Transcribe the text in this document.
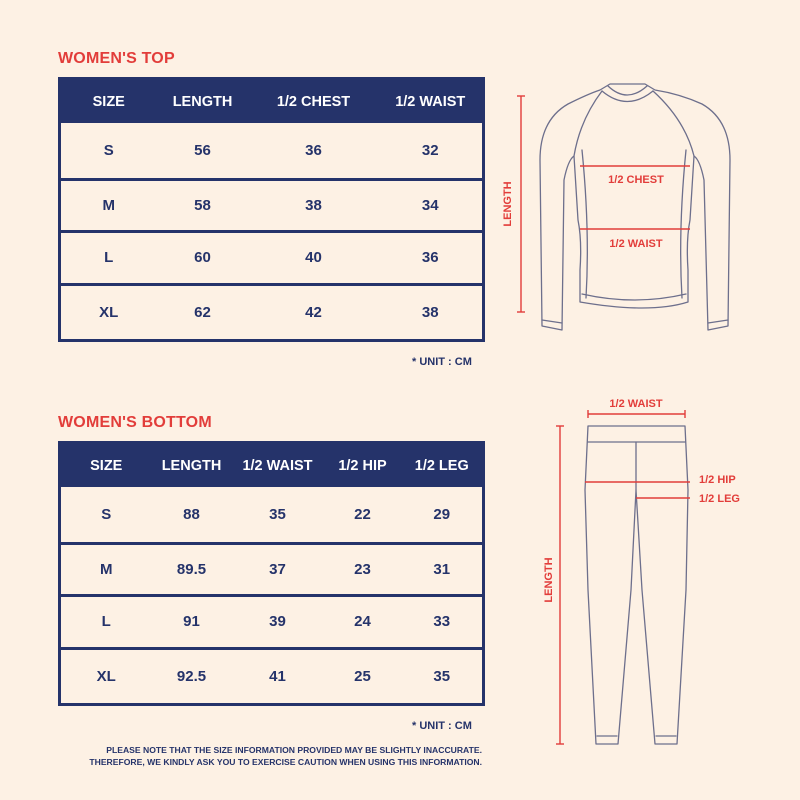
WOMEN'S TOP
SIZE	LENGTH	1/2 CHEST	1/2 WAIST
S	56	36	32
M	58	38	34
L	60	40	36
XL	62	42	38
* UNIT : CM
LENGTH
1/2 CHEST
1/2 WAIST
WOMEN'S BOTTOM
SIZE	LENGTH	1/2 WAIST	1/2 HIP	1/2 LEG
S	88	35	22	29
M	89.5	37	23	31
L	91	39	24	33
XL	92.5	41	25	35
* UNIT : CM
1/2 WAIST
1/2 HIP
1/2 LEG
LENGTH
PLEASE NOTE THAT THE SIZE INFORMATION PROVIDED MAY BE SLIGHTLY INACCURATE.
THEREFORE, WE KINDLY ASK YOU TO EXERCISE CAUTION WHEN USING THIS INFORMATION.
